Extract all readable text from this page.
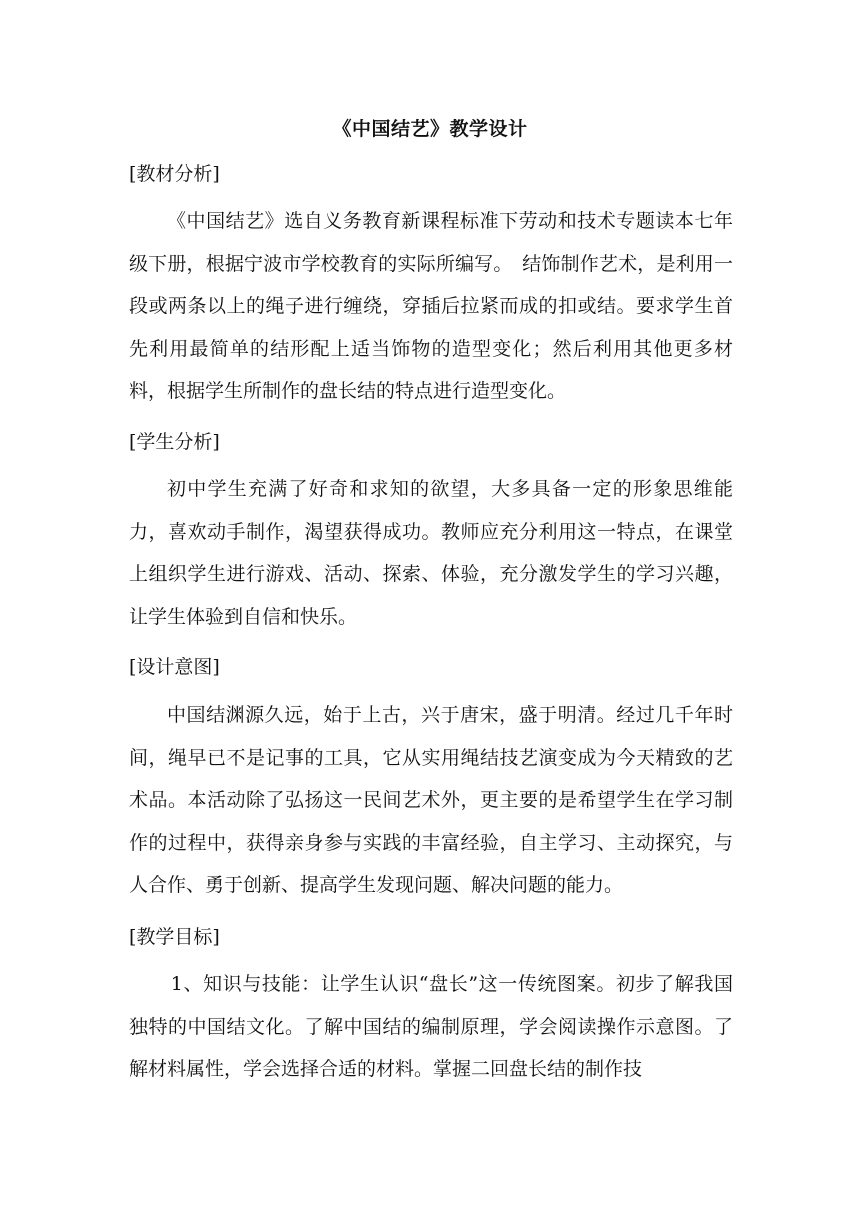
《中国结艺》教学设计
[教材分析]
《中国结艺》选自义务教育新课程标准下劳动和技术专题读本七年级下册，根据宁波市学校教育的实际所编写。　结饰制作艺术，是利用一段或两条以上的绳子进行缠绕，穿插后拉紧而成的扣或结。要求学生首先利用最简单的结形配上适当饰物的造型变化；然后利用其他更多材料，根据学生所制作的盘长结的特点进行造型变化。
[学生分析]
初中学生充满了好奇和求知的欲望，大多具备一定的形象思维能力，喜欢动手制作，渴望获得成功。教师应充分利用这一特点，在课堂上组织学生进行游戏、活动、探索、体验，充分激发学生的学习兴趣，让学生体验到自信和快乐。
[设计意图]
中国结渊源久远，始于上古，兴于唐宋，盛于明清。经过几千年时间，绳早已不是记事的工具，它从实用绳结技艺演变成为今天精致的艺术品。本活动除了弘扬这一民间艺术外，更主要的是希望学生在学习制作的过程中，获得亲身参与实践的丰富经验，自主学习、主动探究，与人合作、勇于创新、提高学生发现问题、解决问题的能力。
[教学目标]
1、知识与技能：让学生认识“盘长”这一传统图案。初步了解我国独特的中国结文化。了解中国结的编制原理，学会阅读操作示意图。了解材料属性，学会选择合适的材料。掌握二回盘长结的制作技
